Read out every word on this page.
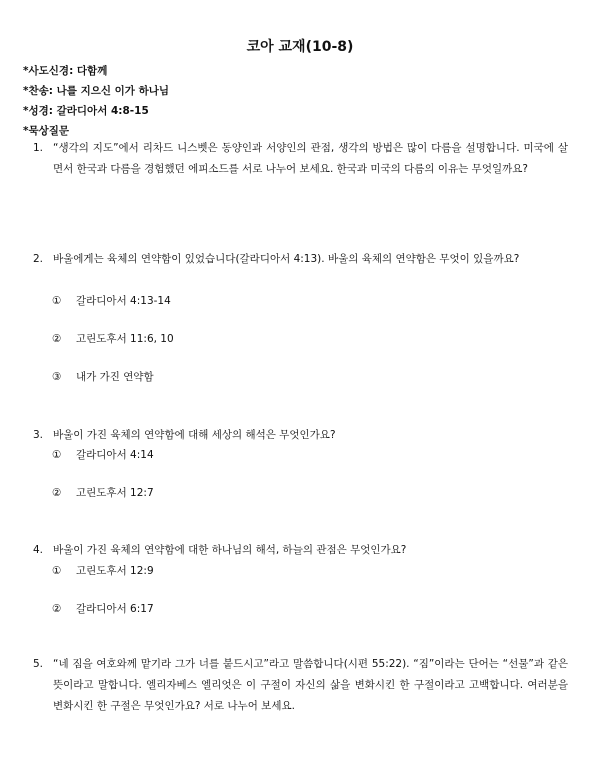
코아 교재(10-8)
*사도신경: 다함께
*찬송: 나를 지으신 이가 하나님
*성경: 갈라디아서 4:8-15
*묵상질문
1. “생각의 지도”에서 리차드 니스벳은 동양인과 서양인의 관점, 생각의 방법은 많이 다름을 설명합니다. 미국에 살면서 한국과 다름을 경험했던 에피소드를 서로 나누어 보세요. 한국과 미국의 다름의 이유는 무엇일까요?
2. 바울에게는 육체의 연약함이 있었습니다(갈라디아서 4:13). 바울의 육체의 연약함은 무엇이 있을까요?
① 갈라디아서 4:13-14
② 고린도후서 11:6, 10
③ 내가 가진 연약함
3. 바울이 가진 육체의 연약함에 대해 세상의 해석은 무엇인가요?
① 갈라디아서 4:14
② 고린도후서 12:7
4. 바울이 가진 육체의 연약함에 대한 하나님의 해석, 하늘의 관점은 무엇인가요?
① 고린도후서 12:9
② 갈라디아서 6:17
5. “네 짐을 여호와께 맡기라 그가 너를 붙드시고”라고 말씀합니다(시편 55:22). “짐”이라는 단어는 “선물”과 같은 뜻이라고 말합니다. 엘리자베스 엘리엇은 이 구절이 자신의 삶을 변화시킨 한 구절이라고 고백합니다. 여러분을 변화시킨 한 구절은 무엇인가요? 서로 나누어 보세요.
